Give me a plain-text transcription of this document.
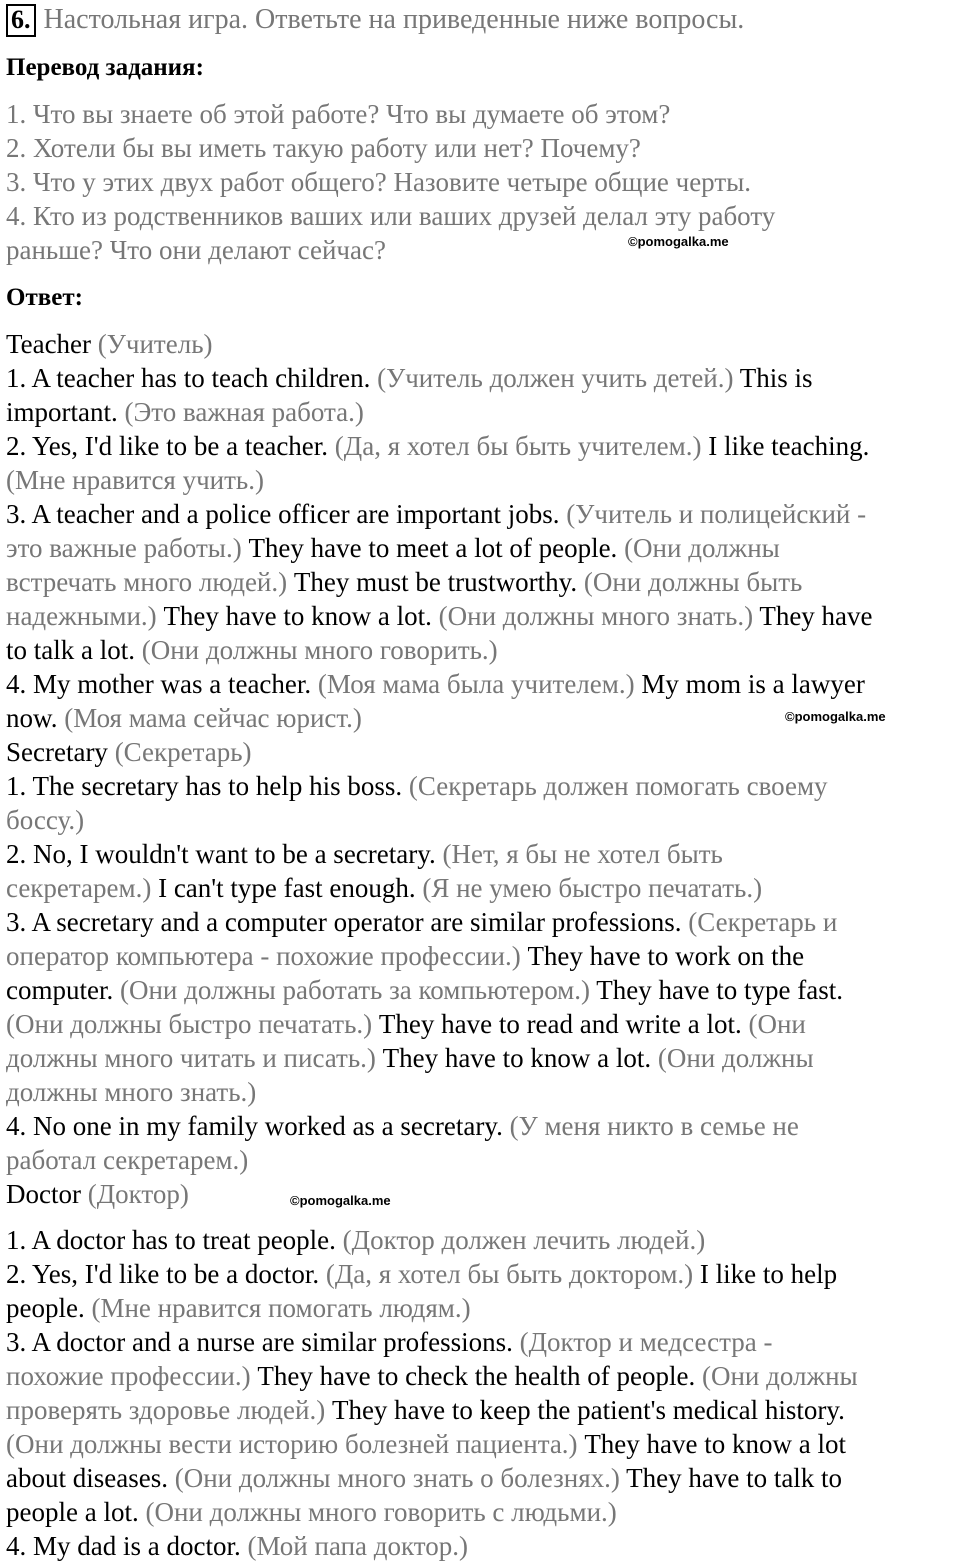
6. Настольная игра. Ответьте на приведенные ниже вопросы.
Перевод задания:
1. Что вы знаете об этой работе? Что вы думаете об этом?
2. Хотели бы вы иметь такую работу или нет? Почему?
3. Что у этих двух работ общего? Назовите четыре общие черты.
4. Кто из родственников ваших или ваших друзей делал эту работу
раньше? Что они делают сейчас?	©pomogalka.me
Ответ:
Teacher (Учитель)
1. A teacher has to teach children. (Учитель должен учить детей.) This is
important. (Это важная работа.)
2. Yes, I'd like to be a teacher. (Да, я хотел бы быть учителем.) I like teaching.
(Мне нравится учить.)
3. A teacher and a police officer are important jobs. (Учитель и полицейский -
это важные работы.) They have to meet a lot of people. (Они должны
встречать много людей.) They must be trustworthy. (Они должны быть
надежными.) They have to know a lot. (Они должны много знать.) They have
to talk a lot. (Они должны много говорить.)
4. My mother was a teacher. (Моя мама была учителем.) My mom is a lawyer
now. (Моя мама сейчас юрист.)
Secretary (Секретарь)
1. The secretary has to help his boss. (Секретарь должен помогать своему
боссу.)
2. No, I wouldn't want to be a secretary. (Нет, я бы не хотел быть
секретарем.) I can't type fast enough. (Я не умею быстро печатать.)
3. A secretary and a computer operator are similar professions. (Секретарь и
оператор компьютера - похожие профессии.) They have to work on the
computer. (Они должны работать за компьютером.) They have to type fast.
(Они должны быстро печатать.) They have to read and write a lot. (Они
должны много читать и писать.) They have to know a lot. (Они должны
должны много знать.)
4. No one in my family worked as a secretary. (У меня никто в семье не
работал секретарем.)
Doctor (Доктор)
1. A doctor has to treat people. (Доктор должен лечить людей.)
2. Yes, I'd like to be a doctor. (Да, я хотел бы быть доктором.) I like to help
people. (Мне нравится помогать людям.)
3. A doctor and a nurse are similar professions. (Доктор и медсестра -
похожие профессии.) They have to check the health of people. (Они должны
проверять здоровье людей.) They have to keep the patient's medical history.
(Они должны вести историю болезней пациента.) They have to know a lot
about diseases. (Они должны много знать о болезнях.) They have to talk to
people a lot. (Они должны много говорить с людьми.)
4. My dad is a doctor. (Мой папа доктор.)
©pomogalka.me
©pomogalka.me
